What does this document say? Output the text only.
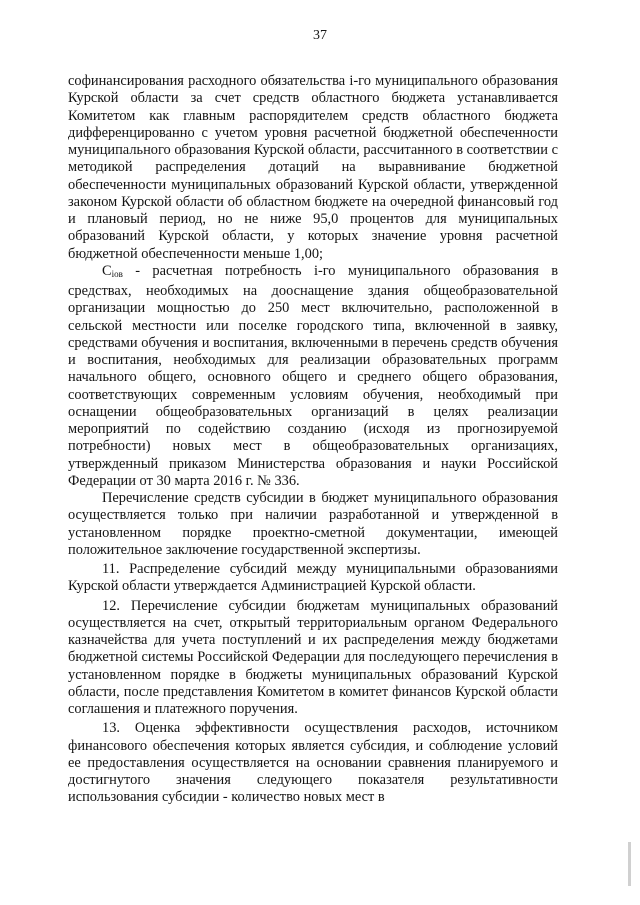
37

софинансирования расходного обязательства i-го муниципального образования Курской области за счет средств областного бюджета устанавливается Комитетом как главным распорядителем средств областного бюджета дифференцированно с учетом уровня расчетной бюджетной обеспеченности муниципального образования Курской области, рассчитанного в соответствии с методикой распределения дотаций на выравнивание бюджетной обеспеченности муниципальных образований Курской области, утвержденной законом Курской области об областном бюджете на очередной финансовый год и плановый период, но не ниже 95,0 процентов для муниципальных образований Курской области, у которых значение уровня расчетной бюджетной обеспеченности меньше 1,00;

$C_{iов}$ - расчетная потребность i-го муниципального образования в средствах, необходимых на дооснащение здания общеобразовательной организации мощностью до 250 мест включительно, расположенной в сельской местности или поселке городского типа, включенной в заявку, средствами обучения и воспитания, включенными в перечень средств обучения и воспитания, необходимых для реализации образовательных программ начального общего, основного общего и среднего общего образования, соответствующих современным условиям обучения, необходимый при оснащении общеобразовательных организаций в целях реализации мероприятий по содействию созданию (исходя из прогнозируемой потребности) новых мест в общеобразовательных организациях, утвержденный приказом Министерства образования и науки Российской Федерации от 30 марта 2016 г. № 336.

Перечисление средств субсидии в бюджет муниципального образования осуществляется только при наличии разработанной и утвержденной в установленном порядке проектно-сметной документации, имеющей положительное заключение государственной экспертизы.

11. Распределение субсидий между муниципальными образованиями Курской области утверждается Администрацией Курской области.

12. Перечисление субсидии бюджетам муниципальных образований осуществляется на счет, открытый территориальным органом Федерального казначейства для учета поступлений и их распределения между бюджетами бюджетной системы Российской Федерации для последующего перечисления в установленном порядке в бюджеты муниципальных образований Курской области, после представления Комитетом в комитет финансов Курской области соглашения и платежного поручения.

13. Оценка эффективности осуществления расходов, источником финансового обеспечения которых является субсидия, и соблюдение условий ее предоставления осуществляется на основании сравнения планируемого и достигнутого значения следующего показателя результативности использования субсидии - количество новых мест в
